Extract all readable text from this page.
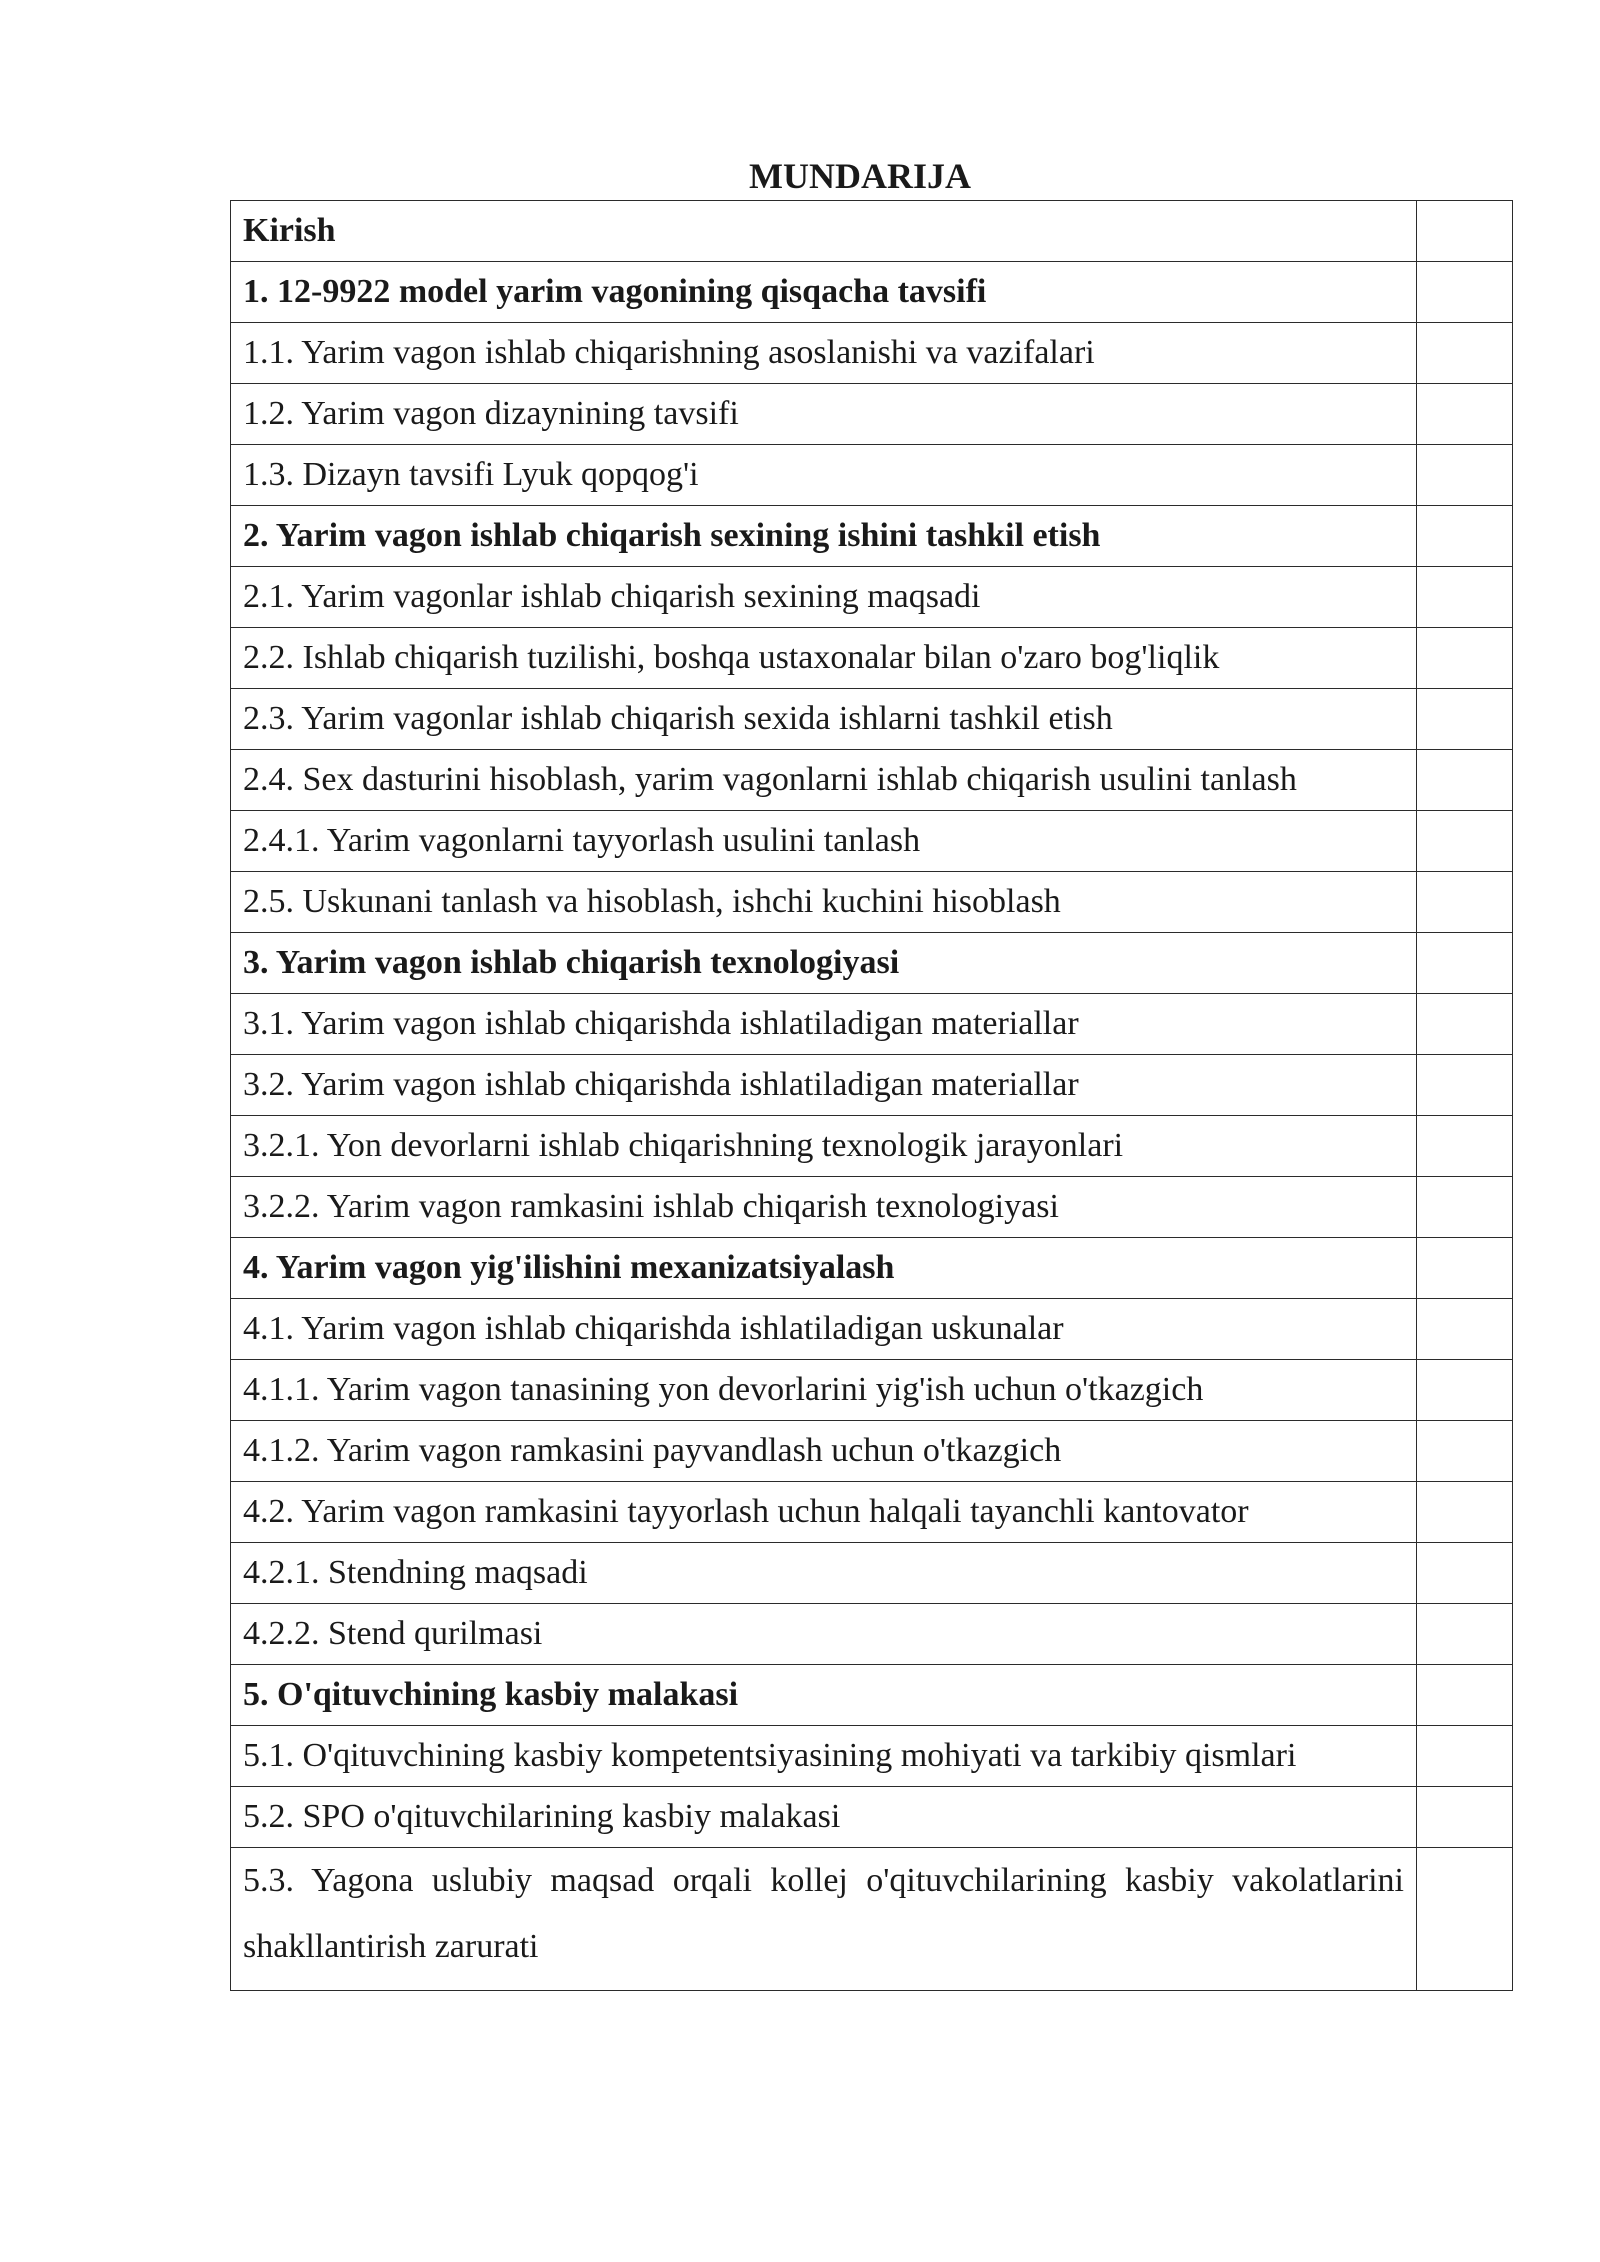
MUNDARIJA
Kirish	
1. 12-9922 model yarim vagonining qisqacha tavsifi	
1.1. Yarim vagon ishlab chiqarishning asoslanishi va vazifalari	
1.2. Yarim vagon dizaynining tavsifi	
1.3. Dizayn tavsifi Lyuk qopqog'i	
2. Yarim vagon ishlab chiqarish sexining ishini tashkil etish	
2.1. Yarim vagonlar ishlab chiqarish sexining maqsadi	
2.2. Ishlab chiqarish tuzilishi, boshqa ustaxonalar bilan o'zaro bog'liqlik	
2.3. Yarim vagonlar ishlab chiqarish sexida ishlarni tashkil etish	
2.4. Sex dasturini hisoblash, yarim vagonlarni ishlab chiqarish usulini tanlash	
2.4.1. Yarim vagonlarni tayyorlash usulini tanlash	
2.5. Uskunani tanlash va hisoblash, ishchi kuchini hisoblash	
3. Yarim vagon ishlab chiqarish texnologiyasi	
3.1. Yarim vagon ishlab chiqarishda ishlatiladigan materiallar	
3.2. Yarim vagon ishlab chiqarishda ishlatiladigan materiallar	
3.2.1. Yon devorlarni ishlab chiqarishning texnologik jarayonlari	
3.2.2. Yarim vagon ramkasini ishlab chiqarish texnologiyasi	
4. Yarim vagon yig'ilishini mexanizatsiyalash	
4.1. Yarim vagon ishlab chiqarishda ishlatiladigan uskunalar	
4.1.1. Yarim vagon tanasining yon devorlarini yig'ish uchun o'tkazgich	
4.1.2. Yarim vagon ramkasini payvandlash uchun o'tkazgich	
4.2. Yarim vagon ramkasini tayyorlash uchun halqali tayanchli kantovator	
4.2.1. Stendning maqsadi	
4.2.2. Stend qurilmasi	
5. O'qituvchining kasbiy malakasi	
5.1. O'qituvchining kasbiy kompetentsiyasining mohiyati va tarkibiy qismlari	
5.2. SPO o'qituvchilarining kasbiy malakasi	
5.3. Yagona uslubiy maqsad orqali kollej o'qituvchilarining kasbiy vakolatlarini shakllantirish zarurati	
